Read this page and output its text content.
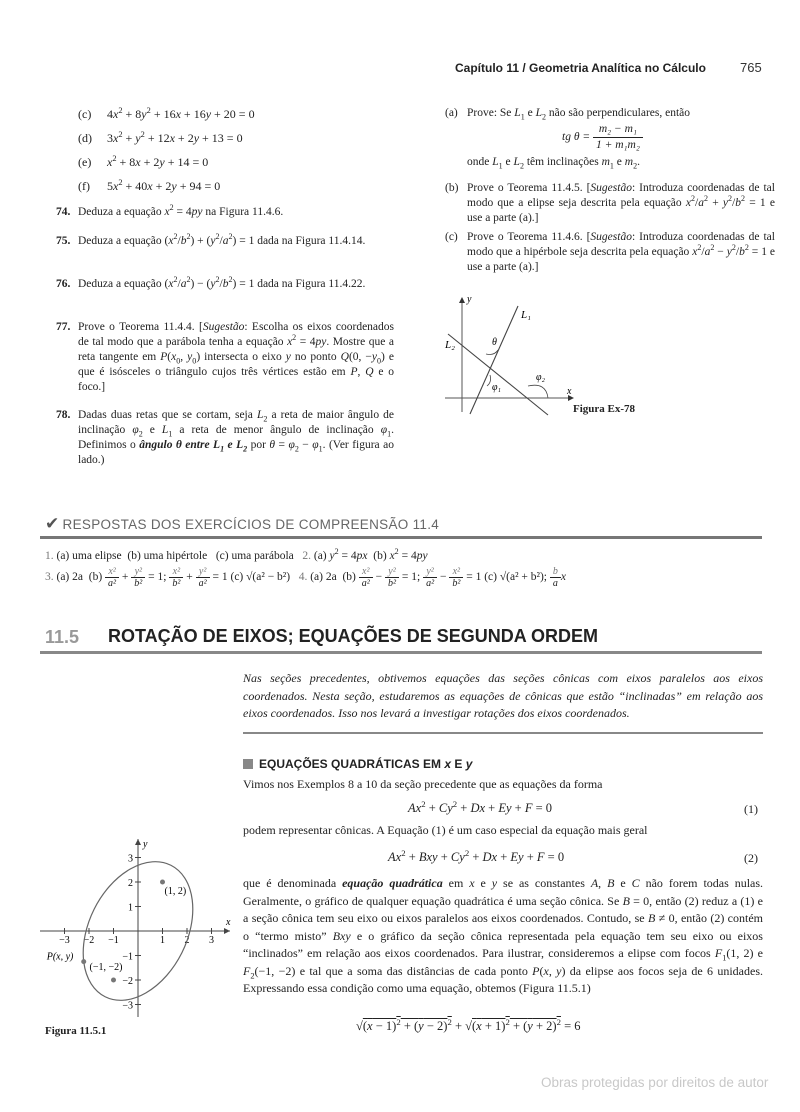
Capítulo 11 / Geometria Analítica no Cálculo	765
(c) $4x^2 + 8y^2 + 16x + 16y + 20 = 0$
(d) $3x^2 + y^2 + 12x + 2y + 13 = 0$
(e) $x^2 + 8x + 2y + 14 = 0$
(f) $5x^2 + 40x + 2y + 94 = 0$
74. Deduza a equação $x^2 = 4py$ na Figura 11.4.6.
75. Deduza a equação $(x^2/b^2) + (y^2/a^2) = 1$ dada na Figura 11.4.14.
76. Deduza a equação $(x^2/a^2) - (y^2/b^2) = 1$ dada na Figura 11.4.22.
77. Prove o Teorema 11.4.4. [Sugestão: Escolha os eixos coordenados de tal modo que a parábola tenha a equação $x^2 = 4py$. Mostre que a reta tangente em $P(x_0$, $y_0$) intersecta o eixo y no ponto Q(0, $-y_0$) e que é isósceles o triângulo cujos três vértices estão em P, Q e o foco.]
78. Dadas duas retas que se cortam, seja $L_2$ a reta de maior ângulo de inclinação $\varphi_2$ e $L_1$ a reta de menor ângulo de inclinação $\varphi_1$. Definimos o ângulo θ entre $L_1$ e $L_2$ por $\theta = \varphi_2 - \varphi_1$. (Ver figura ao lado.)
(a) Prove: Se $L_1$ e $L_2$ não são perpendiculares, então
tg $\theta = \frac{\text{m₂ − m₁}}{\text{1 + m₁m₂}}$
onde $L_1$ e $L_2$ têm inclinações $m_1$ e $m_2$.
(b) Prove o Teorema 11.4.5. [Sugestão: Introduza coordenadas de tal modo que a elipse seja descrita pela equação $x^2/a^2 + y^2/b^2 = 1$ e use a parte (a).]
(c) Prove o Teorema 11.4.6. [Sugestão: Introduza coordenadas de tal modo que a hipérbole seja descrita pela equação $x^2/a^2 - y^2/b^2 = 1$ e use a parte (a).]
y
x
L₁
L₂	θ
φ₁
φ₂
Figura Ex-78
✔ RESPOSTAS DOS EXERCÍCIOS DE COMPREENSÃO 11.4
1. (a) uma elipse  (b) uma hipértole   (c) uma parábola   2. (a) $y^2 = 4px$  (b) $x^2 = 4py$
3. (a) 2a $(b) \frac{\text{x²}}{\text{a²}} + \frac{\text{y²}}{\text{b²}} = 1$; $\frac{\text{x²}}{\text{b²}} + \frac{\text{y²}}{\text{a²}} = 1$ (c) √(a² − b²) 4. (a) 2a $(b) \frac{\text{x²}}{\text{a²}} - \frac{\text{y²}}{\text{b²}} = 1$; $\frac{\text{y²}}{\text{a²}} - \frac{\text{x²}}{\text{b²}} = 1$ (c) √(a² + b²); $\frac{b}{a}$ x
11.5 ROTAÇÃO DE EIXOS; EQUAÇÕES DE SEGUNDA ORDEM
Nas seções precedentes, obtivemos equações das seções cônicas com eixos paralelos aos eixos coordenados. Nesta seção, estudaremos as equações de cônicas que estão “inclinadas” em relação aos eixos coordenados. Isso nos levará a investigar rotações dos eixos coordenados.
EQUAÇÕES QUADRÁTICAS EM x E y
Vimos nos Exemplos 8 a 10 da seção precedente que as equações da forma
$Ax^2 + Cy^2 + Dx + Ey + F = 0$	(1)
podem representar cônicas. A Equação (1) é um caso especial da equação mais geral
$Ax^2$ + Bxy + $Cy^2 + Dx + Ey + F = 0$	(2)
que é denominada equação quadrática em x e y se as constantes A, B e C não forem todas nulas. Geralmente, o gráfico de qualquer equação quadrática é uma seção cônica. Se B = 0, então (2) reduz a (1) e a seção cônica tem seu eixo ou eixos paralelos aos eixos coordenados. Contudo, se B ≠ 0, então (2) contém o “termo misto” Bxy e o gráfico da seção cônica representada pela equação tem seu eixo ou eixos “inclinados” em relação aos eixos coordenados. Para ilustrar, consideremos a elipse com focos $F_1(1$, 2) e $F_2(-1$, −2) e tal que a soma das distâncias de cada ponto P(x, y) da elipse aos focos seja de 6 unidades. Expressando essa condição como uma equação, obtemos (Figura 11.5.1)
$√(x - 1)^2 + (y - 2)^2 + √(x + 1)^2 + (y + 2)^2 = 6$
x
y
−3 −2 −1	1 2 3
3
2
1
−1
−2
−3
(1, 2)
(−1, −2)
P(x, y)
Figura 11.5.1
Obras protegidas por direitos de autor
